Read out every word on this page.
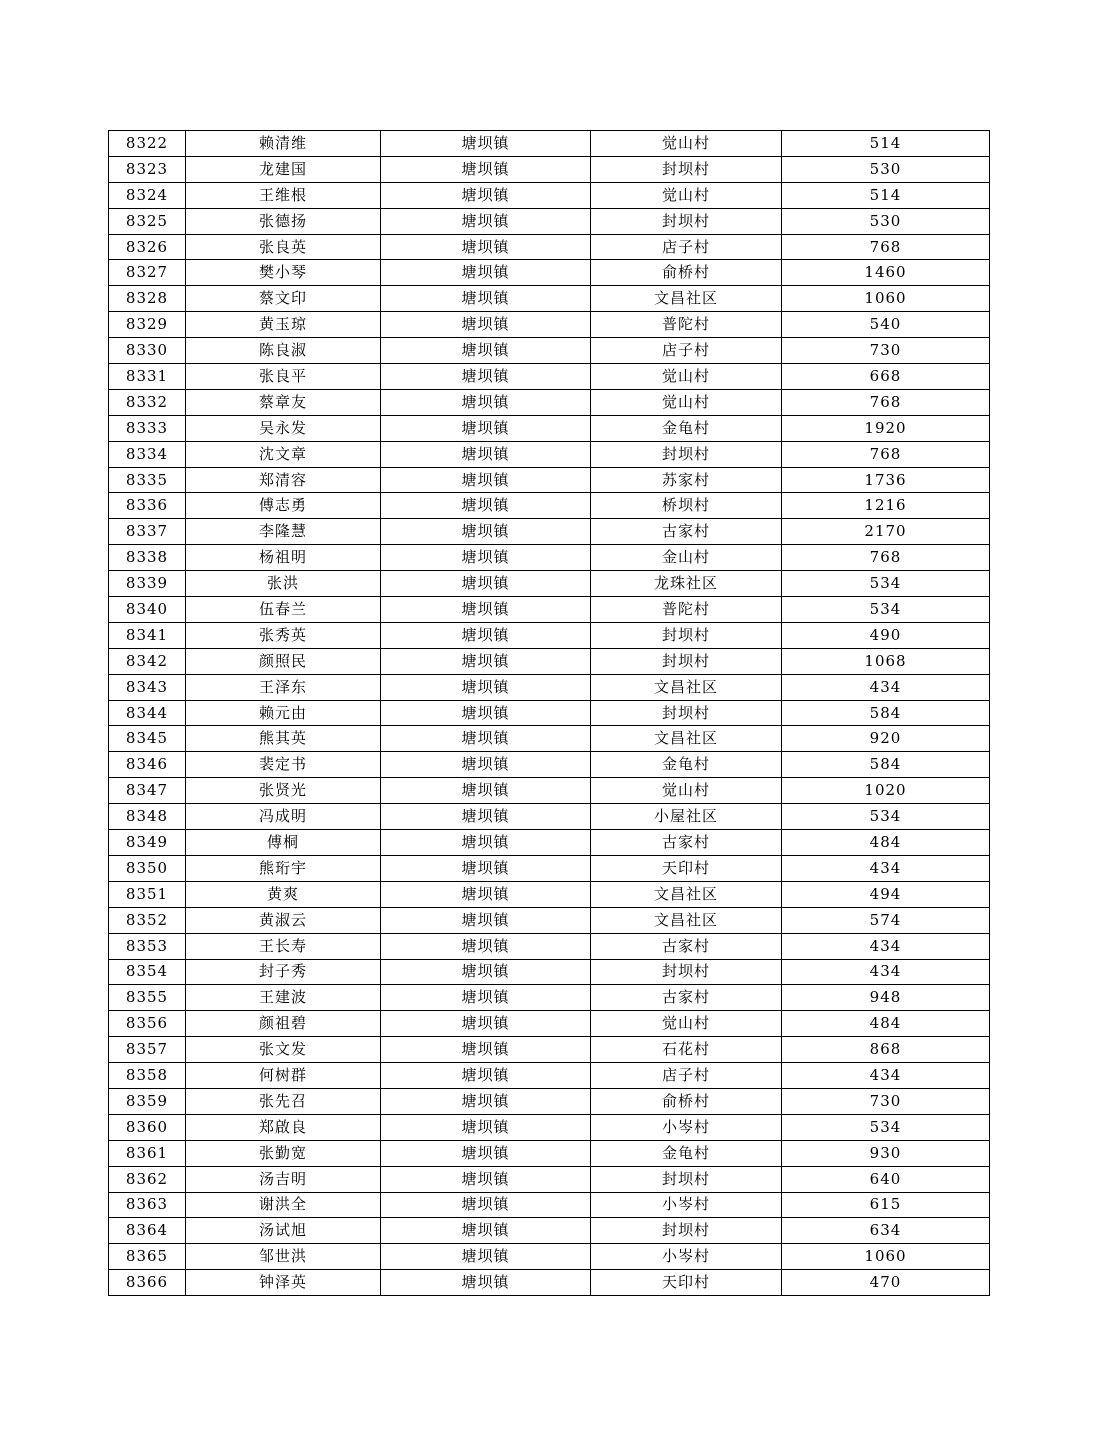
8322	赖清维	塘坝镇	觉山村	514
8323	龙建国	塘坝镇	封坝村	530
8324	王维根	塘坝镇	觉山村	514
8325	张德扬	塘坝镇	封坝村	530
8326	张良英	塘坝镇	店子村	768
8327	樊小琴	塘坝镇	俞桥村	1460
8328	蔡文印	塘坝镇	文昌社区	1060
8329	黄玉琼	塘坝镇	普陀村	540
8330	陈良淑	塘坝镇	店子村	730
8331	张良平	塘坝镇	觉山村	668
8332	蔡章友	塘坝镇	觉山村	768
8333	吴永发	塘坝镇	金龟村	1920
8334	沈文章	塘坝镇	封坝村	768
8335	郑清容	塘坝镇	苏家村	1736
8336	傅志勇	塘坝镇	桥坝村	1216
8337	李隆慧	塘坝镇	古家村	2170
8338	杨祖明	塘坝镇	金山村	768
8339	张洪	塘坝镇	龙珠社区	534
8340	伍春兰	塘坝镇	普陀村	534
8341	张秀英	塘坝镇	封坝村	490
8342	颜照民	塘坝镇	封坝村	1068
8343	王泽东	塘坝镇	文昌社区	434
8344	赖元由	塘坝镇	封坝村	584
8345	熊其英	塘坝镇	文昌社区	920
8346	裴定书	塘坝镇	金龟村	584
8347	张贤光	塘坝镇	觉山村	1020
8348	冯成明	塘坝镇	小屋社区	534
8349	傅桐	塘坝镇	古家村	484
8350	熊珩宇	塘坝镇	天印村	434
8351	黄爽	塘坝镇	文昌社区	494
8352	黄淑云	塘坝镇	文昌社区	574
8353	王长寿	塘坝镇	古家村	434
8354	封子秀	塘坝镇	封坝村	434
8355	王建波	塘坝镇	古家村	948
8356	颜祖碧	塘坝镇	觉山村	484
8357	张文发	塘坝镇	石花村	868
8358	何树群	塘坝镇	店子村	434
8359	张先召	塘坝镇	俞桥村	730
8360	郑啟良	塘坝镇	小岑村	534
8361	张勤宽	塘坝镇	金龟村	930
8362	汤吉明	塘坝镇	封坝村	640
8363	谢洪全	塘坝镇	小岑村	615
8364	汤试旭	塘坝镇	封坝村	634
8365	邹世洪	塘坝镇	小岑村	1060
8366	钟泽英	塘坝镇	天印村	470
